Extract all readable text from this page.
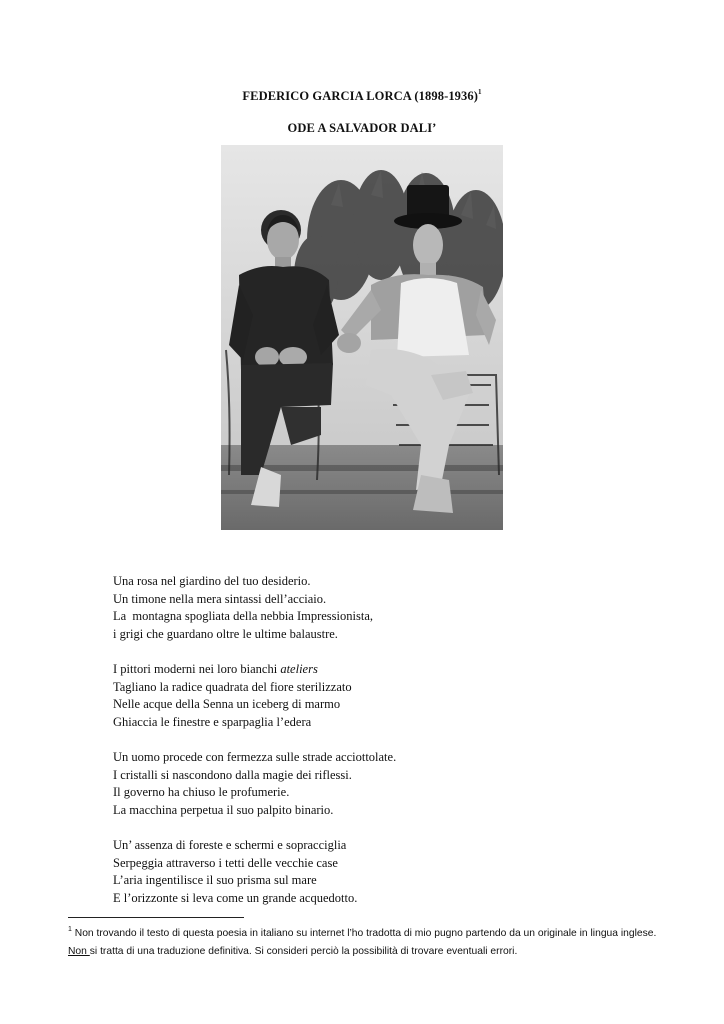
FEDERICO GARCIA LORCA (1898-1936)$^1$
ODE A SALVADOR DALI’
Una rosa nel giardino del tuo desiderio.
Un timone nella mera sintassi dell’acciaio.
La  montagna spogliata della nebbia Impressionista,
i grigi che guardano oltre le ultime balaustre.
I pittori moderni nei loro bianchi ateliers
Tagliano la radice quadrata del fiore sterilizzato
Nelle acque della Senna un iceberg di marmo
Ghiaccia le finestre e sparpaglia l’edera
Un uomo procede con fermezza sulle strade acciottolate.
I cristalli si nascondono dalla magie dei riflessi.
Il governo ha chiuso le profumerie.
La macchina perpetua il suo palpito binario.
Un’ assenza di foreste e schermi e sopracciglia
Serpeggia attraverso i tetti delle vecchie case
L’aria ingentilisce il suo prisma sul mare
E l’orizzonte si leva come un grande acquedotto.
$^1$ Non trovando il testo di questa poesia in italiano su internet l’ho tradotta di mio pugno partendo da un originale in lingua inglese. Non si tratta di una traduzione definitiva. Si consideri perciò la possibilità di trovare eventuali errori.
